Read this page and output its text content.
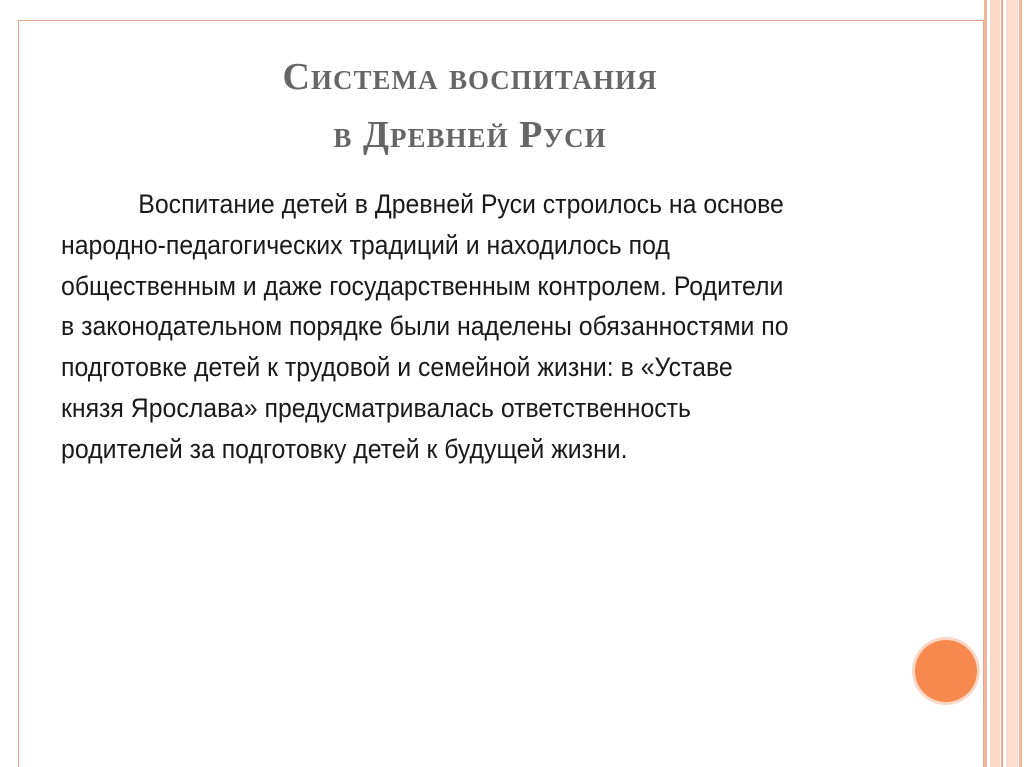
Система воспитания
в Древней Руси
Воспитание детей в Древней Руси строилось на основе народно-педагогических традиций и находилось под общественным и даже государственным контролем. Родители в законодательном порядке были наделены обязанностями по подготовке детей к трудовой и семейной жизни: в «Уставе князя Ярослава» предусматривалась ответственность родителей за подготовку детей к будущей жизни.
